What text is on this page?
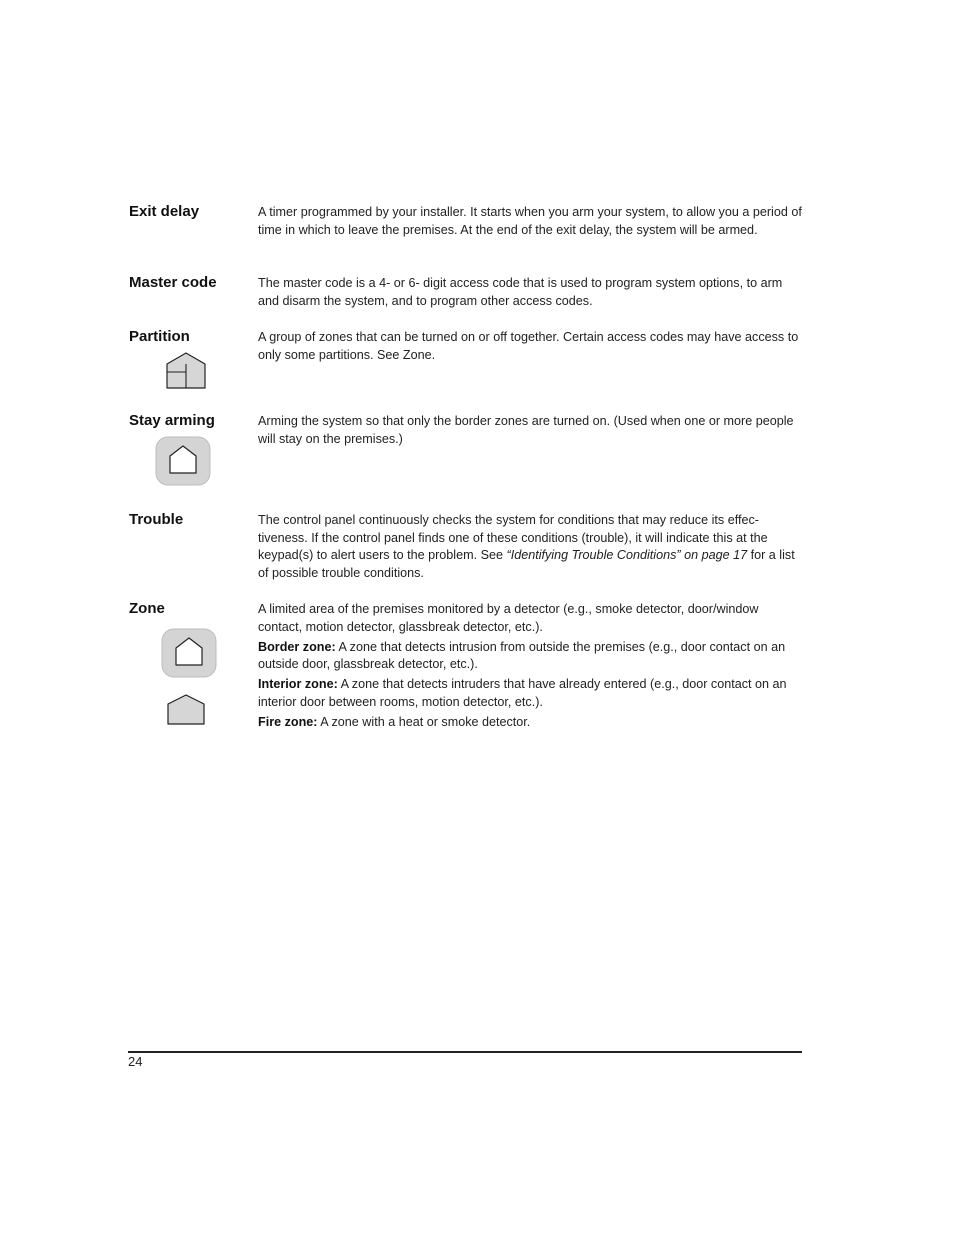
Exit delay	A timer programmed by your installer. It starts when you arm your system, to allow you a period of time in which to leave the premises. At the end of the exit delay, the system will be armed.

Master code	The master code is a 4- or 6- digit access code that is used to program system options, to arm and disarm the system, and to program other access codes.

Partition	A group of zones that can be turned on or off together. Certain access codes may have access to only some partitions. See Zone.

Stay arming	Arming the system so that only the border zones are turned on. (Used when one or more people will stay on the premises.)

Trouble	The control panel continuously checks the system for conditions that may reduce its effec-tiveness. If the control panel finds one of these conditions (trouble), it will indicate this at the keypad(s) to alert users to the problem. See “Identifying Trouble Conditions” on page 17 for a list of possible trouble conditions.

Zone	A limited area of the premises monitored by a detector (e.g., smoke detector, door/window contact, motion detector, glassbreak detector, etc.).

Border zone: A zone that detects intrusion from outside the premises (e.g., door contact on an outside door, glassbreak detector, etc.).

Interior zone: A zone that detects intruders that have already entered (e.g., door contact on an interior door between rooms, motion detector, etc.).

Fire zone: A zone with a heat or smoke detector.

24
